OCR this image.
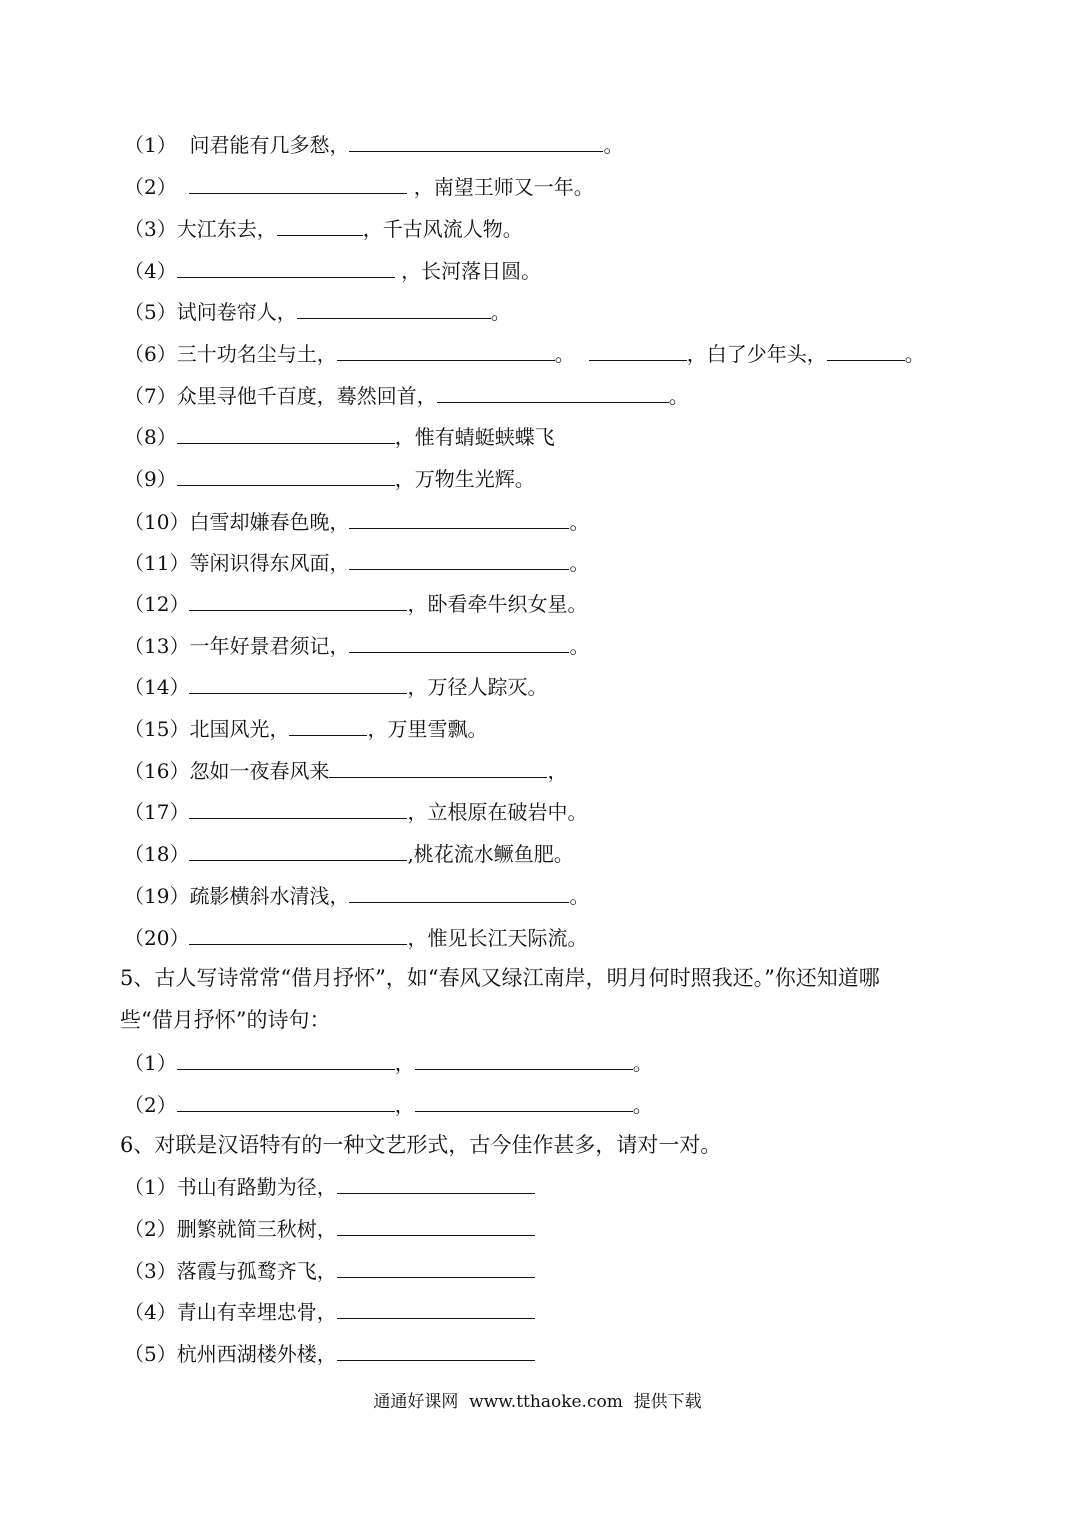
（1）  问君能有几多愁，	。
（2）	，南望王师又一年。
（3）大江东去，	，千古风流人物。
（4）	，长河落日圆。
（5）试问卷帘人，	。
（6）三十功名尘与土，	。	，白了少年头，	。
（7）众里寻他千百度，蓦然回首，	。
（8）	，惟有蜻蜓蛱蝶飞
（9）	，万物生光辉。
（10）白雪却嫌春色晚，	。
（11）等闲识得东风面，	。
（12）	，卧看牵牛织女星。
（13）一年好景君须记，	。
（14）	，万径人踪灭。
（15）北国风光，	，万里雪飘。
（16）忽如一夜春风来	，
（17）	，立根原在破岩中。
（18）	,桃花流水鳜鱼肥。
（19）疏影横斜水清浅，	。
（20）	，惟见长江天际流。
5、古人写诗常常“借月抒怀”，如“春风又绿江南岸，明月何时照我还。”你还知道哪
些“借月抒怀”的诗句：
（1）	，	。
（2）	，	。
6、对联是汉语特有的一种文艺形式，古今佳作甚多，请对一对。
（1）书山有路勤为径，
（2）删繁就简三秋树，
（3）落霞与孤鹜齐飞，
（4）青山有幸埋忠骨，
（5）杭州西湖楼外楼，
通通好课网  www.tthaoke.com  提供下载
